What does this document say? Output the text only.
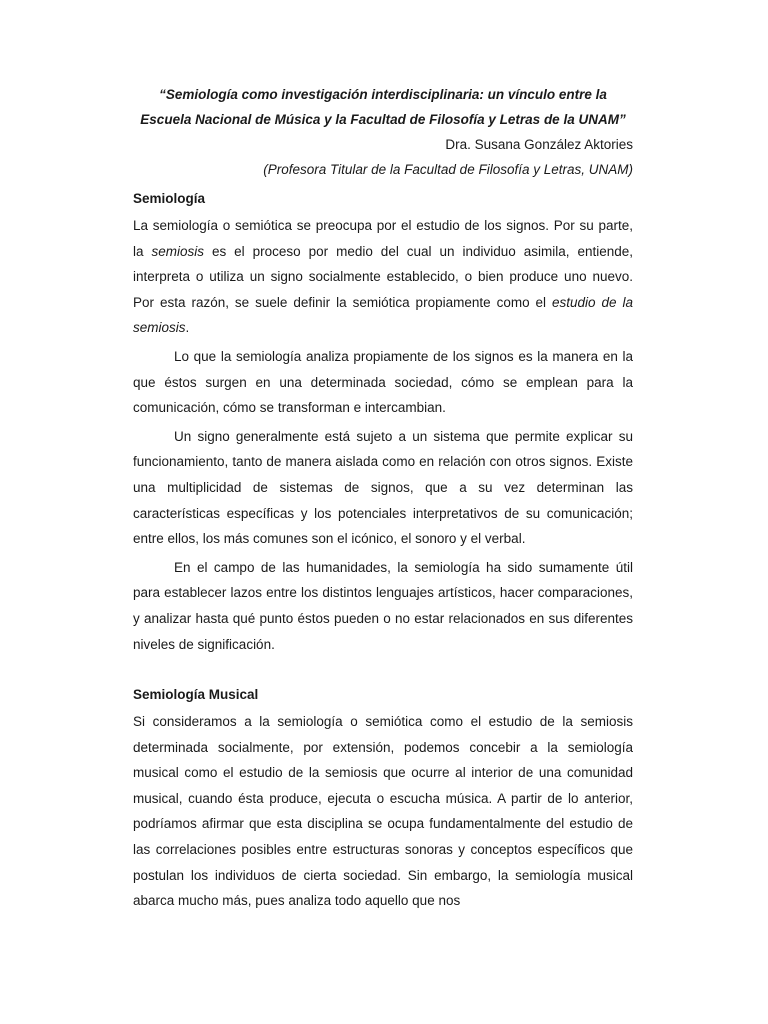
“Semiología como investigación interdisciplinaria: un vínculo entre la Escuela Nacional de Música y la Facultad de Filosofía y Letras de la UNAM”

Dra. Susana González Aktories

(Profesora Titular de la Facultad de Filosofía y Letras, UNAM)

Semiología

La semiología o semiótica se preocupa por el estudio de los signos. Por su parte, la semiosis es el proceso por medio del cual un individuo asimila, entiende, interpreta o utiliza un signo socialmente establecido, o bien produce uno nuevo. Por esta razón, se suele definir la semiótica propiamente como el estudio de la semiosis.

Lo que la semiología analiza propiamente de los signos es la manera en la que éstos surgen en una determinada sociedad, cómo se emplean para la comunicación, cómo se transforman e intercambian.

Un signo generalmente está sujeto a un sistema que permite explicar su funcionamiento, tanto de manera aislada como en relación con otros signos. Existe una multiplicidad de sistemas de signos, que a su vez determinan las características específicas y los potenciales interpretativos de su comunicación; entre ellos, los más comunes son el icónico, el sonoro y el verbal.

En el campo de las humanidades, la semiología ha sido sumamente útil para establecer lazos entre los distintos lenguajes artísticos, hacer comparaciones, y analizar hasta qué punto éstos pueden o no estar relacionados en sus diferentes niveles de significación.

Semiología Musical

Si consideramos a la semiología o semiótica como el estudio de la semiosis determinada socialmente, por extensión, podemos concebir a la semiología musical como el estudio de la semiosis que ocurre al interior de una comunidad musical, cuando ésta produce, ejecuta o escucha música. A partir de lo anterior, podríamos afirmar que esta disciplina se ocupa fundamentalmente del estudio de las correlaciones posibles entre estructuras sonoras y conceptos específicos que postulan los individuos de cierta sociedad. Sin embargo, la semiología musical abarca mucho más, pues analiza todo aquello que nos
